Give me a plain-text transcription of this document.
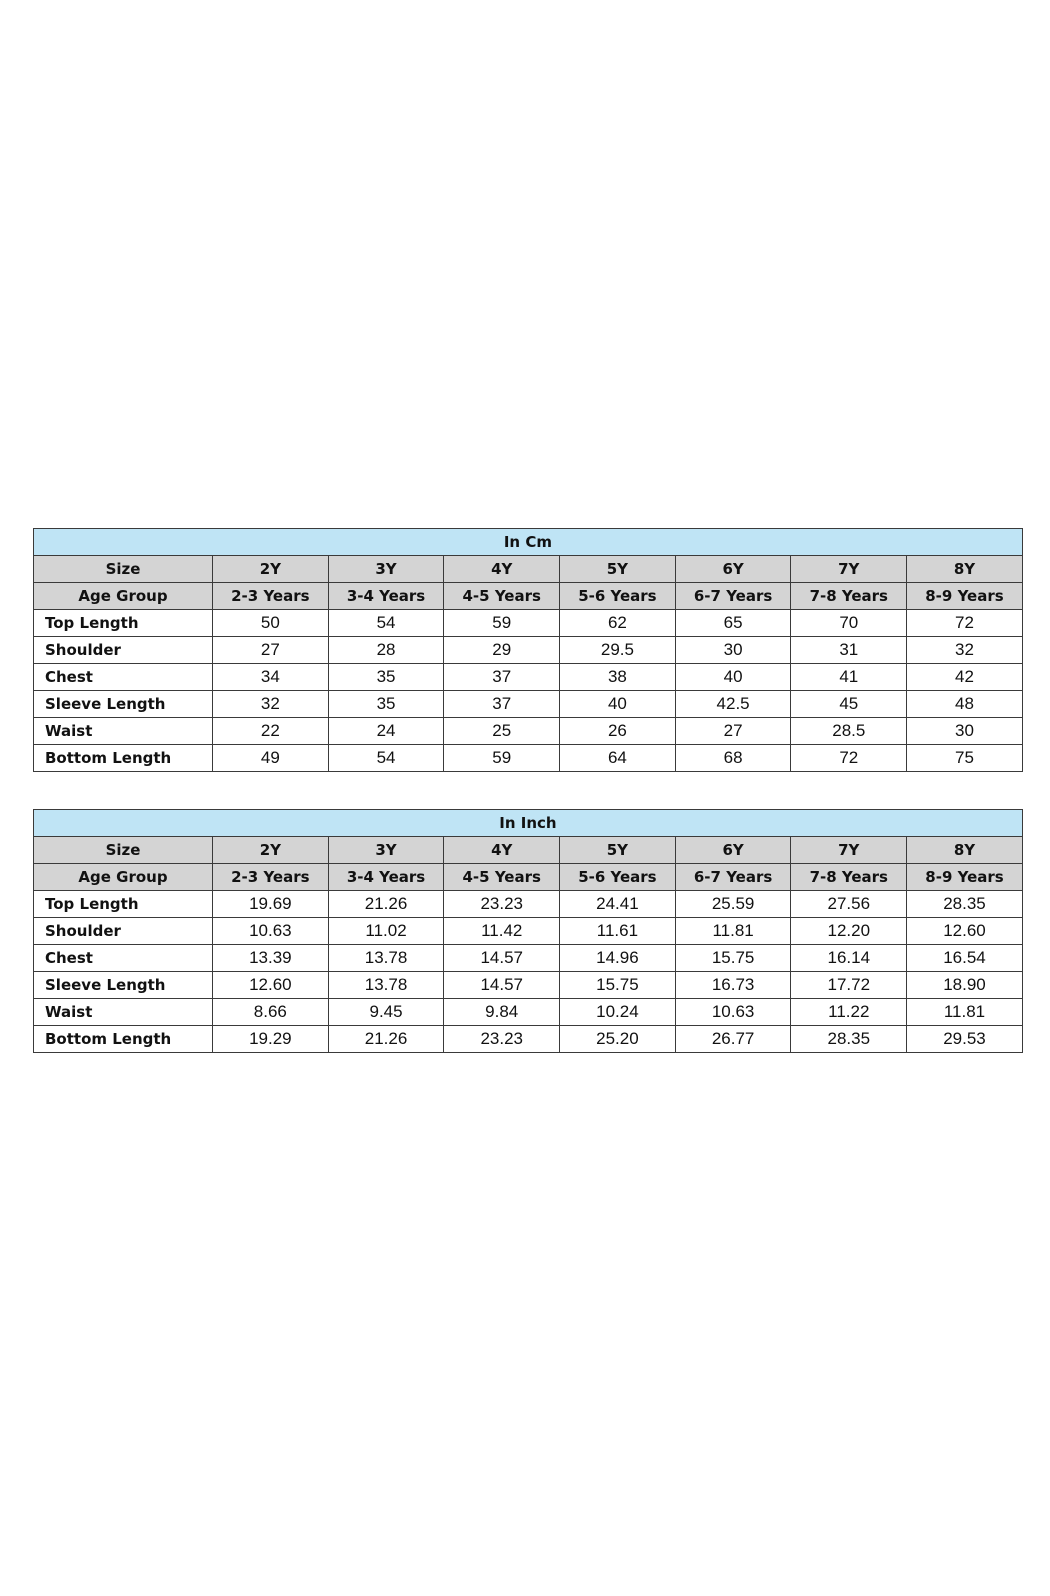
In Cm							
Size	2Y	3Y	4Y	5Y	6Y	7Y	8Y
Age Group	2-3 Years	3-4 Years	4-5 Years	5-6 Years	6-7 Years	7-8 Years	8-9 Years
Top Length	50	54	59	62	65	70	72
Shoulder	27	28	29	29.5	30	31	32
Chest	34	35	37	38	40	41	42
Sleeve Length	32	35	37	40	42.5	45	48
Waist	22	24	25	26	27	28.5	30
Bottom Length	49	54	59	64	68	72	75
In Inch							
Size	2Y	3Y	4Y	5Y	6Y	7Y	8Y
Age Group	2-3 Years	3-4 Years	4-5 Years	5-6 Years	6-7 Years	7-8 Years	8-9 Years
Top Length	19.69	21.26	23.23	24.41	25.59	27.56	28.35
Shoulder	10.63	11.02	11.42	11.61	11.81	12.20	12.60
Chest	13.39	13.78	14.57	14.96	15.75	16.14	16.54
Sleeve Length	12.60	13.78	14.57	15.75	16.73	17.72	18.90
Waist	8.66	9.45	9.84	10.24	10.63	11.22	11.81
Bottom Length	19.29	21.26	23.23	25.20	26.77	28.35	29.53
